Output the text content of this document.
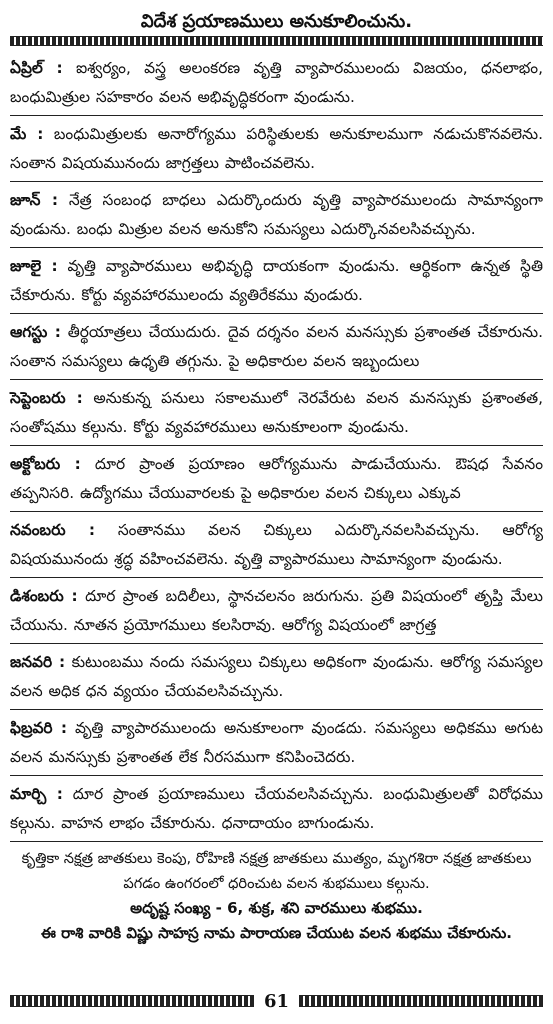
విదేశ ప్రయాణములు అనుకూలించును.
ఏప్రిల్ : ఐశ్వర్యం, వస్త్ర అలంకరణ వృత్తి వ్యాపారములందు విజయం, ధనలాభం, బంధుమిత్రుల సహకారం వలన అభివృద్ధికరంగా వుండును.
మే : బంధుమిత్రులకు అనారోగ్యము పరిస్థితులకు అనుకూలముగా నడుచుకొనవలెను. సంతాన విషయమునందు జాగ్రత్తలు పాటించవలెను.
జూన్ : నేత్ర సంబంధ బాధలు ఎదుర్కొందురు వృత్తి వ్యాపారములందు సామాన్యంగా వుండును. బంధు మిత్రుల వలన అనుకోని సమస్యలు ఎదుర్కొనవలసివచ్చును.
జూలై : వృత్తి వ్యాపారములు అభివృద్ధి దాయకంగా వుండును. ఆర్థికంగా ఉన్నత స్థితి చేకూరును. కోర్టు వ్యవహారములందు వ్యతిరేకము వుండురు.
ఆగస్టు : తీర్థయాత్రలు చేయుదురు. దైవ దర్శనం వలన మనస్సుకు ప్రశాంతత చేకూరును. సంతాన సమస్యలు ఉధృతి తగ్గును. పై అధికారుల వలన ఇబ్బందులు
సెప్టెంబరు : అనుకున్న పనులు సకాలములో నెరవేరుట వలన మనస్సుకు ప్రశాంతత, సంతోషము కల్గును. కోర్టు వ్యవహారములు అనుకూలంగా వుండును.
అక్టోబరు : దూర ప్రాంత ప్రయాణం ఆరోగ్యమును పాడుచేయును. ఔషధ సేవనం తప్పనిసరి. ఉద్యోగము చేయువారలకు పై అధికారుల వలన చిక్కులు ఎక్కువ
నవంబరు : సంతానము వలన చిక్కులు ఎదుర్కొనవలసివచ్చును. ఆరోగ్య విషయమునందు శ్రద్ధ వహించవలెను. వృత్తి వ్యాపారములు సామాన్యంగా వుండును.
డిశంబరు : దూర ప్రాంత బదిలీలు, స్థానచలనం జరుగును. ప్రతి విషయంలో తృప్తి మేలు చేయును. నూతన ప్రయోగములు కలసిరావు. ఆరోగ్య విషయంలో జాగ్రత్త
జనవరి : కుటుంబము నందు సమస్యలు చిక్కులు అధికంగా వుండును. ఆరోగ్య సమస్యల వలన అధిక ధన వ్యయం చేయవలసివచ్చును.
ఫిబ్రవరి : వృత్తి వ్యాపారములందు అనుకూలంగా వుండదు. సమస్యలు అధికము అగుట వలన మనస్సుకు ప్రశాంతత లేక నీరసముగా కనిపించెదరు.
మార్చి : దూర ప్రాంత ప్రయాణములు చేయవలసివచ్చును. బంధుమిత్రులతో విరోధము కల్గును. వాహన లాభం చేకూరును. ధనాదాయం బాగుండును.
కృత్తికా నక్షత్ర జాతకులు కెంపు, రోహిణి నక్షత్ర జాతకులు ముత్యం, మృగశిరా నక్షత్ర జాతకులు పగడం ఉంగరంలో ధరించుట వలన శుభములు కల్గును.
అదృష్ట సంఖ్య - 6, శుక్ర, శని వారములు శుభము.
ఈ రాశి వారికి విష్ణు సాహస్ర నామ పారాయణ చేయుట వలన శుభము చేకూరును.
61
